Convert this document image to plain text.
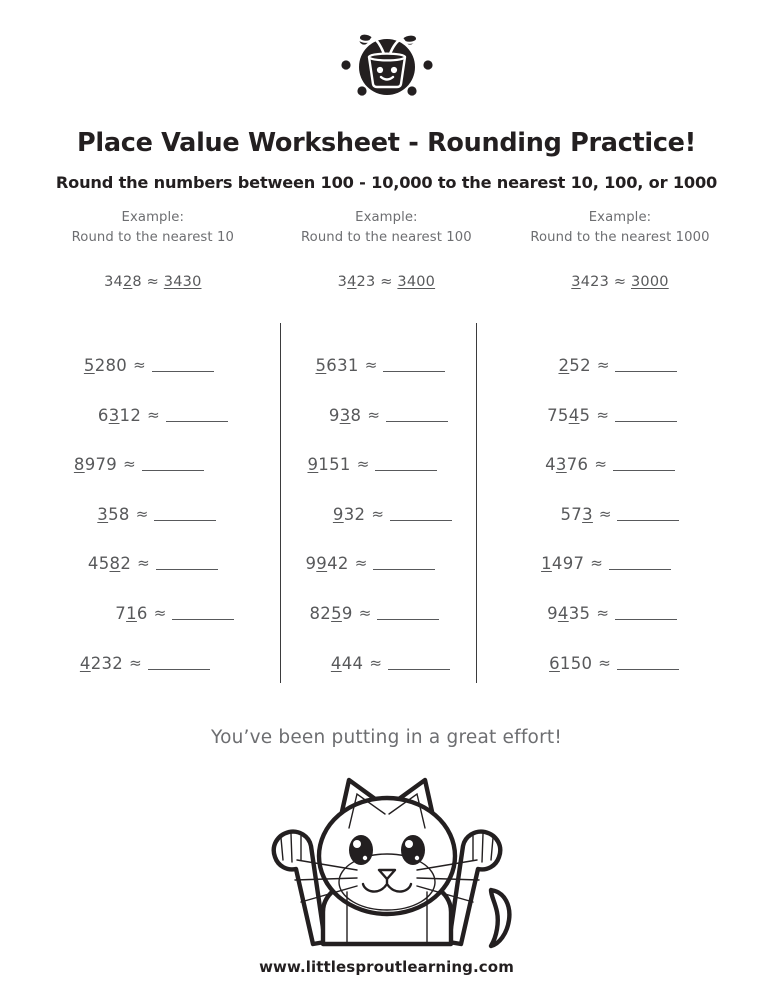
Place Value Worksheet - Rounding Practice!
Round the numbers between 100 - 10,000 to the nearest 10, 100, or 1000
Example:
Round to the nearest 10
3428 ≈ 3430
Example:
Round to the nearest 100
3423 ≈ 3400
Example:
Round to the nearest 1000
3423 ≈ 3000
5280 ≈
6312 ≈
8979 ≈
358 ≈
4582 ≈
716 ≈
4232 ≈
5631 ≈
938 ≈
9151 ≈
932 ≈
9942 ≈
8259 ≈
444 ≈
252 ≈
7545 ≈
4376 ≈
573 ≈
1497 ≈
9435 ≈
6150 ≈
You’ve been putting in a great effort!
www.littlesproutlearning.com
